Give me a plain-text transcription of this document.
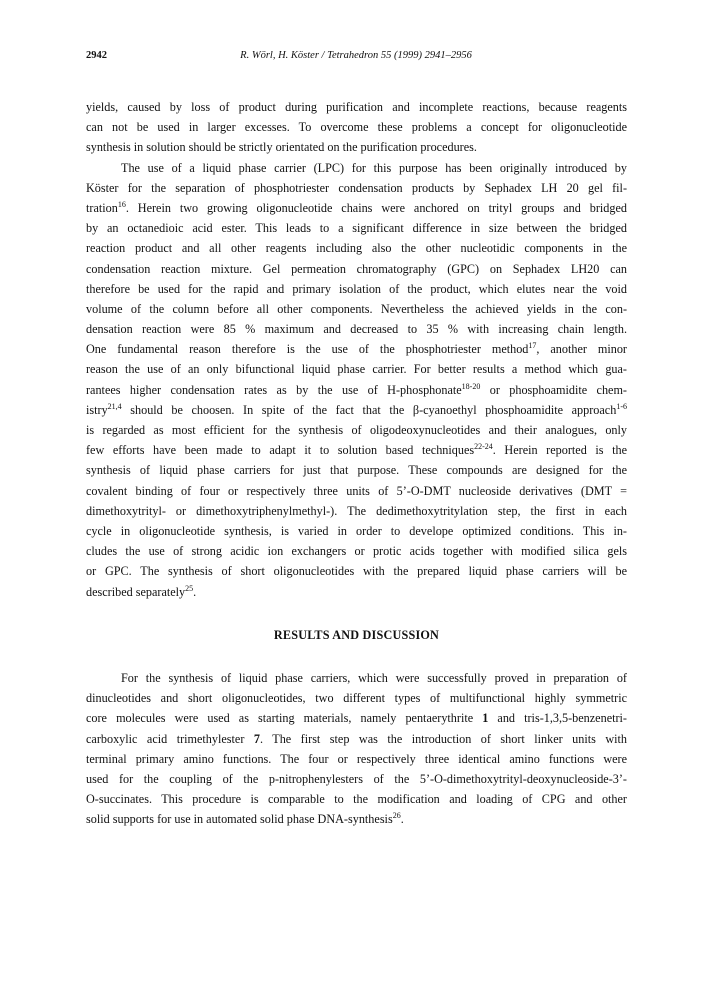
2942	R. Wörl, H. Köster / Tetrahedron 55 (1999) 2941–2956
yields, caused by loss of product during purification and incomplete reactions, because reagents
can not be used in larger excesses. To overcome these problems a concept for oligonucleotide
synthesis in solution should be strictly orientated on the purification procedures.
The use of a liquid phase carrier (LPC) for this purpose has been originally introduced by
Köster for the separation of phosphotriester condensation products by Sephadex LH 20 gel fil-
tration$^{16}$. Herein two growing oligonucleotide chains were anchored on trityl groups and bridged
by an octanedioic acid ester. This leads to a significant difference in size between the bridged
reaction product and all other reagents including also the other nucleotidic components in the
condensation reaction mixture. Gel permeation chromatography (GPC) on Sephadex LH20 can
therefore be used for the rapid and primary isolation of the product, which elutes near the void
volume of the column before all other components. Nevertheless the achieved yields in the con-
densation reaction were 85 % maximum and decreased to 35 % with increasing chain length.
One fundamental reason therefore is the use of the phosphotriester method$^{17}$, another minor
reason the use of an only bifunctional liquid phase carrier. For better results a method which gua-
rantees higher condensation rates as by the use of H-phosphonate$^{18-20}$ or phosphoamidite chem-
istry$^{21,4}$ should be choosen. In spite of the fact that the β-cyanoethyl phosphoamidite approach$^{1-6}$
is regarded as most efficient for the synthesis of oligodeoxynucleotides and their analogues, only
few efforts have been made to adapt it to solution based techniques$^{22-24}$. Herein reported is the
synthesis of liquid phase carriers for just that purpose. These compounds are designed for the
covalent binding of four or respectively three units of 5’-O-DMT nucleoside derivatives (DMT =
dimethoxytrityl- or dimethoxytriphenylmethyl-). The dedimethoxytritylation step, the first in each
cycle in oligonucleotide synthesis, is varied in order to develope optimized conditions. This in-
cludes the use of strong acidic ion exchangers or protic acids together with modified silica gels
or GPC. The synthesis of short oligonucleotides with the prepared liquid phase carriers will be
described separately$^{25}$.
RESULTS AND DISCUSSION
For the synthesis of liquid phase carriers, which were successfully proved in preparation of
dinucleotides and short oligonucleotides, two different types of multifunctional highly symmetric
core molecules were used as starting materials, namely pentaerythrite 1 and tris-1,3,5-benzenetri-
carboxylic acid trimethylester 7. The first step was the introduction of short linker units with
terminal primary amino functions. The four or respectively three identical amino functions were
used for the coupling of the p-nitrophenylesters of the 5’-O-dimethoxytrityl-deoxynucleoside-3’-
O-succinates. This procedure is comparable to the modification and loading of CPG and other
solid supports for use in automated solid phase DNA-synthesis$^{26}$.
